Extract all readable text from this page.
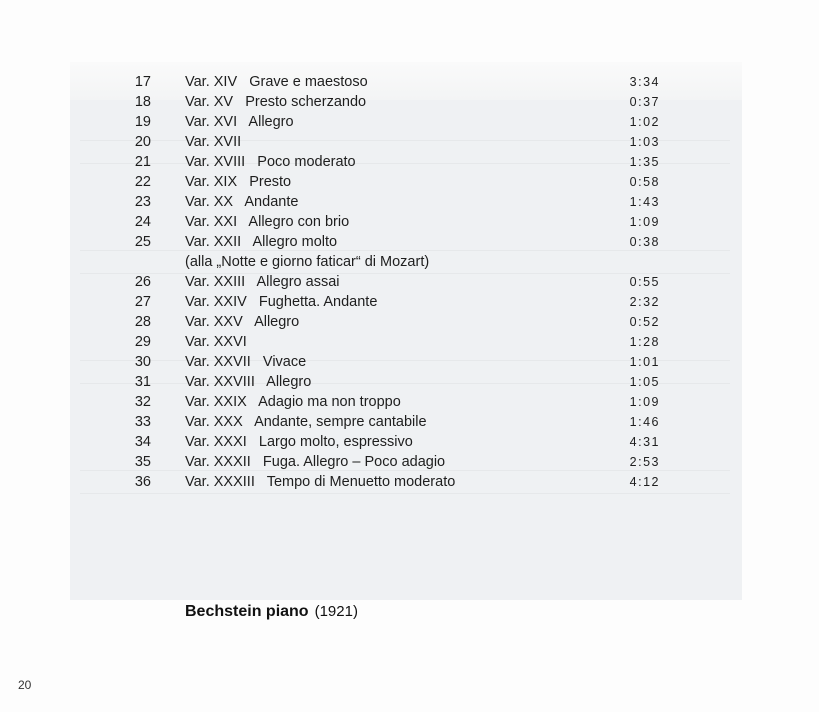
17 Var. XIV Grave e maestoso	3:34
18 Var. XV Presto scherzando	0:37
19 Var. XVI Allegro	1:02
20 Var. XVII	1:03
21 Var. XVIII Poco moderato	1:35
22 Var. XIX Presto	0:58
23 Var. XX Andante	1:43
24 Var. XXI Allegro con brio	1:09
25 Var. XXII Allegro molto	0:38
(alla „Notte e giorno faticar“ di Mozart)
26 Var. XXIII Allegro assai	0:55
27 Var. XXIV Fughetta. Andante	2:32
28 Var. XXV Allegro	0:52
29 Var. XXVI	1:28
30 Var. XXVII Vivace	1:01
31 Var. XXVIII Allegro	1:05
32 Var. XXIX Adagio ma non troppo	1:09
33 Var. XXX Andante, sempre cantabile	1:46
34 Var. XXXI Largo molto, espressivo	4:31
35 Var. XXXII Fuga. Allegro – Poco adagio	2:53
36 Var. XXXIII Tempo di Menuetto moderato	4:12
Bechstein piano (1921)
20
